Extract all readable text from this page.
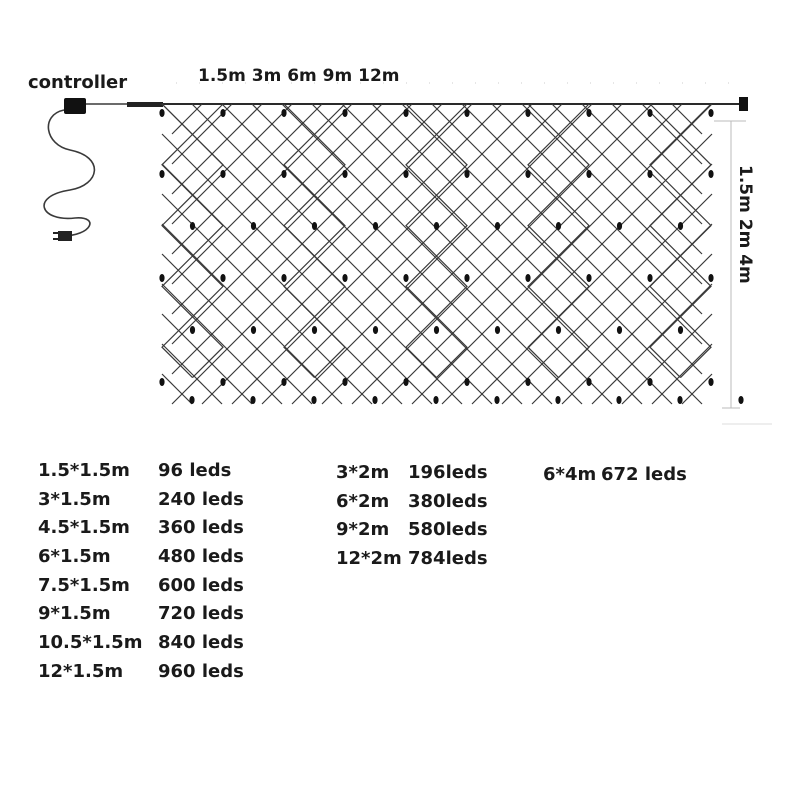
controller	1.5m 3m 6m 9m 12m
1.5m 2m 4m
1.5*1.5m 96 leds
3*1.5m	240 leds
4.5*1.5m 360 leds
6*1.5m	480 leds
7.5*1.5m 600 leds
9*1.5m	720 leds
10.5*1.5m 840 leds
12*1.5m 960 leds
3*2m 196leds
6*2m 380leds
9*2m 580leds
12*2m 784leds
6*4m 672 leds
